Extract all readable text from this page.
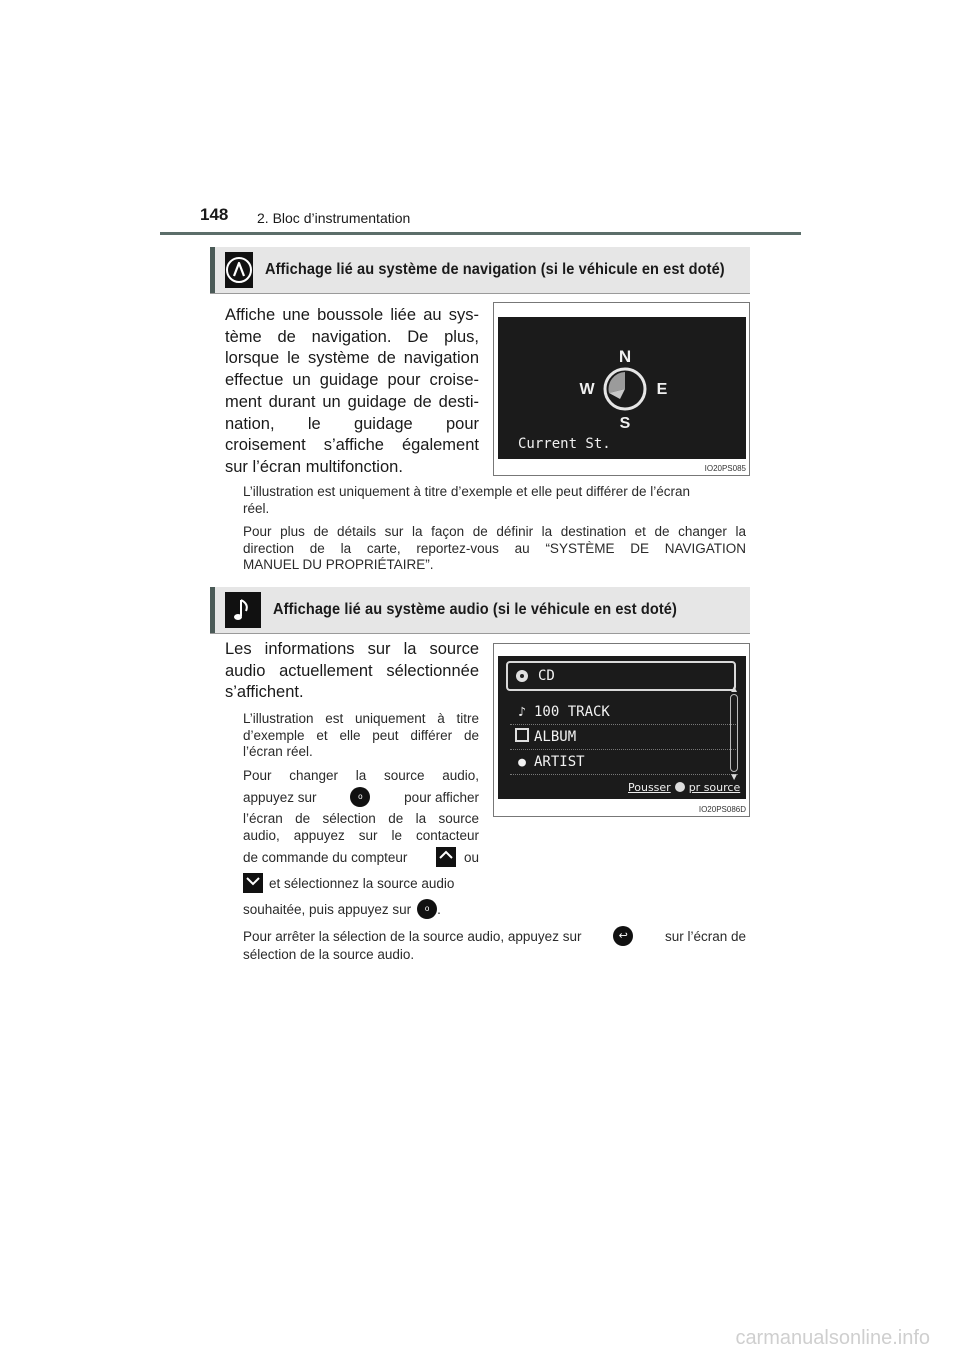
148 2. Bloc d’instrumentation
Affichage lié au système de navigation (si le véhicule en est doté)
Affiche une boussole liée au sys-
tème de navigation. De plus,
lorsque le système de navigation
effectue un guidage pour croise-
ment durant un guidage de desti-
nation, le guidage pour
croisement s’affiche également
sur l’écran multifonction.
N
S
E
W
Current St.
IO20PS085
L’illustration est uniquement à titre d’exemple et elle peut différer de l’écran
réel.
Pour plus de détails sur la façon de définir la destination et de changer la
direction de la carte, reportez-vous au “SYSTÈME DE NAVIGATION
MANUEL DU PROPRIÉTAIRE”.
Affichage lié au système audio (si le véhicule en est doté)
Les informations sur la source
audio actuellement sélectionnée
s’affichent.
L’illustration est uniquement à titre
d’exemple et elle peut différer de
l’écran réel.
Pour changer la source audio,
appuyez sur	o	pour afficher
l’écran de sélection de la source
audio, appuyez sur le contacteur
de commande du compteur	ou
et sélectionnez la source audio
souhaitée, puis appuyez sur	o .
Pour arrêter la sélection de la source audio, appuyez sur	↩	sur l’écran de
sélection de la source audio.
CD
♪ 100 TRACK
ALBUM
● ARTIST
▲
▼
Pousser pr source
IO20PS086D
carmanualsonline.info
